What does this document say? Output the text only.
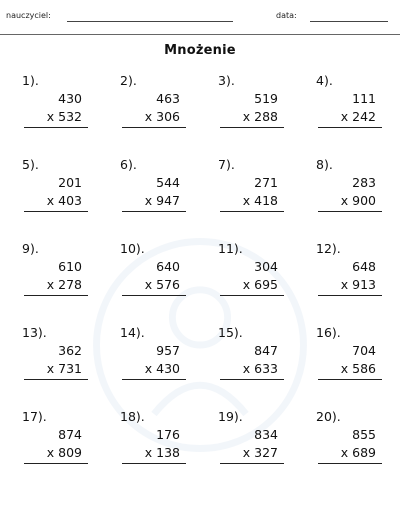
nauczyciel:	data:
Mnożenie
1).
430
x 532
2).
463
x 306
3).
519
x 288
4).
111
x 242
5).
201
x 403
6).
544
x 947
7).
271
x 418
8).
283
x 900
9).
610
x 278
10).
640
x 576
11).
304
x 695
12).
648
x 913
13).
362
x 731
14).
957
x 430
15).
847
x 633
16).
704
x 586
17).
874
x 809
18).
176
x 138
19).
834
x 327
20).
855
x 689
